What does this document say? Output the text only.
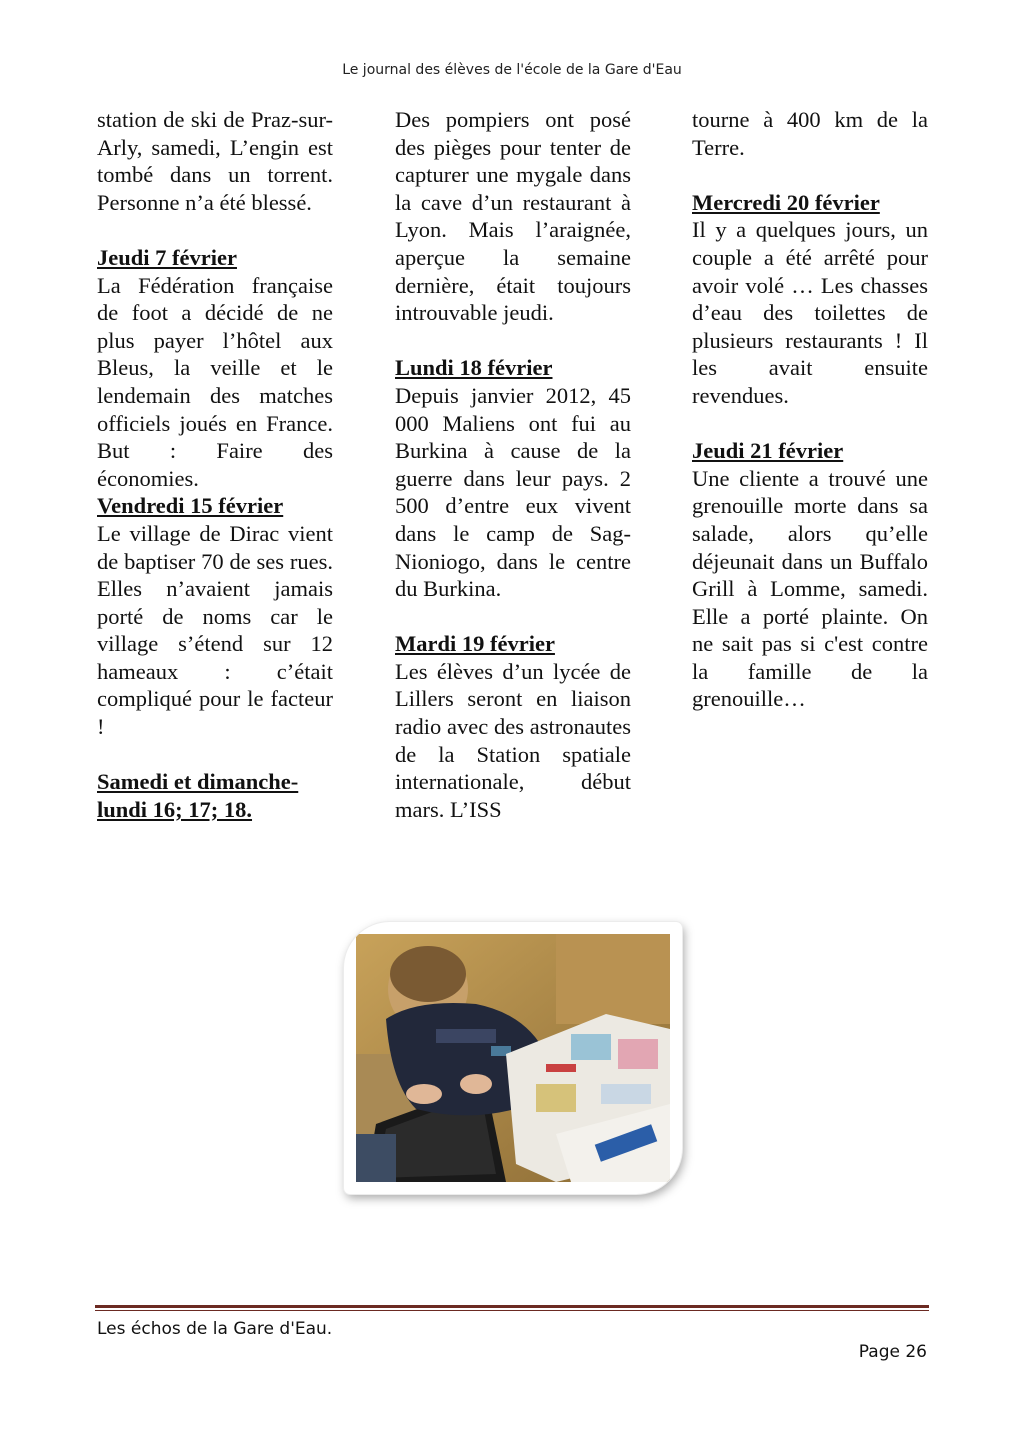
Le journal des élèves de l'école de la Gare d'Eau

station de ski de Praz-sur-Arly, samedi, L’engin est tombé dans un torrent. Personne n’a été blessé.

Jeudi 7 février

La Fédération française de foot a décidé de ne plus payer l’hôtel aux Bleus, la veille et le lendemain des matches officiels joués en France. But : Faire des économies.

Vendredi 15 février

Le village de Dirac vient de baptiser 70 de ses rues. Elles n’avaient jamais porté de noms car le village s’étend sur 12 hameaux : c’était compliqué pour le facteur !

Samedi et dimanche-lundi 16; 17; 18.

Des pompiers ont posé des pièges pour tenter de capturer une mygale dans la cave d’un restaurant à Lyon. Mais l’araignée, aperçue la semaine dernière, était toujours introuvable jeudi.

Lundi 18 février

Depuis janvier 2012, 45 000 Maliens ont fui au Burkina à cause de la guerre dans leur pays. 2 500 d’entre eux vivent dans le camp de Sag-Nioniogo, dans le centre du Burkina.

Mardi 19 février

Les élèves d’un lycée de Lillers seront en liaison radio avec des astronautes de la Station spatiale internationale, début mars. L’ISS

tourne à 400 km de la Terre.

Mercredi 20 février

Il y a quelques jours, un couple a été arrêté pour avoir volé … Les chasses d’eau des toilettes de plusieurs restaurants ! Il les avait ensuite revendues.

Jeudi 21 février

Une cliente a trouvé une grenouille morte dans sa salade, alors qu’elle déjeunait dans un Buffalo Grill à Lomme, samedi. Elle a porté plainte. On ne sait pas si c'est contre la famille de la grenouille…

Les échos de la Gare d'Eau.
Page 26
